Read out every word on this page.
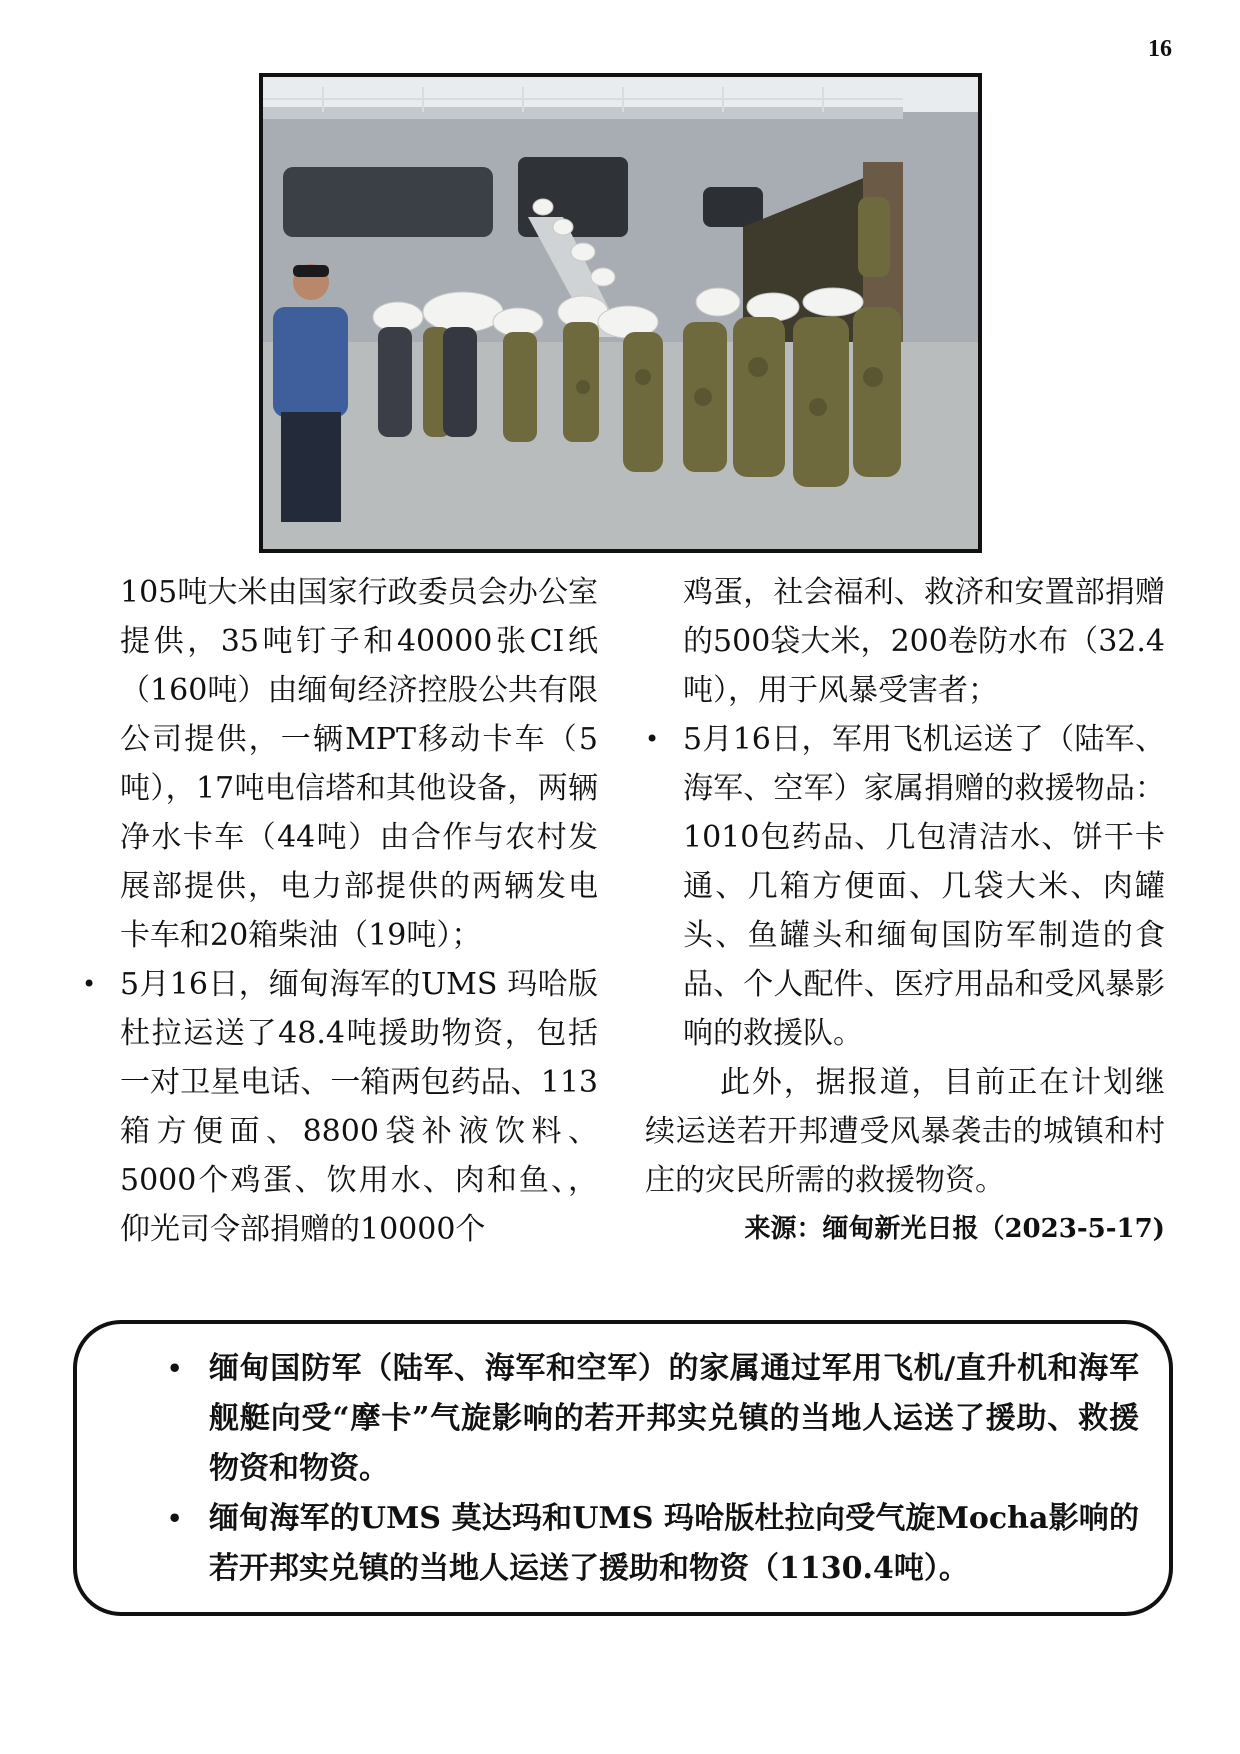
16

105吨大米由国家行政委员会办公室提供，35吨钉子和40000张CI纸（160吨）由缅甸经济控股公共有限公司提供，一辆MPT移动卡车（5吨），17吨电信塔和其他设备，两辆净水卡车（44吨）由合作与农村发展部提供，电力部提供的两辆发电卡车和20箱柴油（19吨）；

• 5月16日，缅甸海军的UMS 玛哈版杜拉运送了48.4吨援助物资，包括一对卫星电话、一箱两包药品、113箱方便面、8800袋补液饮料、5000个鸡蛋、饮用水、肉和鱼、，仰光司令部捐赠的10000个

鸡蛋，社会福利、救济和安置部捐赠的500袋大米，200卷防水布（32.4吨），用于风暴受害者；

• 5月16日，军用飞机运送了（陆军、海军、空军）家属捐赠的救援物品：1010包药品、几包清洁水、饼干卡通、几箱方便面、几袋大米、肉罐头、鱼罐头和缅甸国防军制造的食品、个人配件、医疗用品和受风暴影响的救援队。

此外，据报道，目前正在计划继续运送若开邦遭受风暴袭击的城镇和村庄的灾民所需的救援物资。

来源：缅甸新光日报（2023-5-17)

• 缅甸国防军（陆军、海军和空军）的家属通过军用飞机/直升机和海军舰艇向受“摩卡”气旋影响的若开邦实兑镇的当地人运送了援助、救援物资和物资。
• 缅甸海军的UMS 莫达玛和UMS 玛哈版杜拉向受气旋Mocha影响的若开邦实兑镇的当地人运送了援助和物资（1130.4吨）。
